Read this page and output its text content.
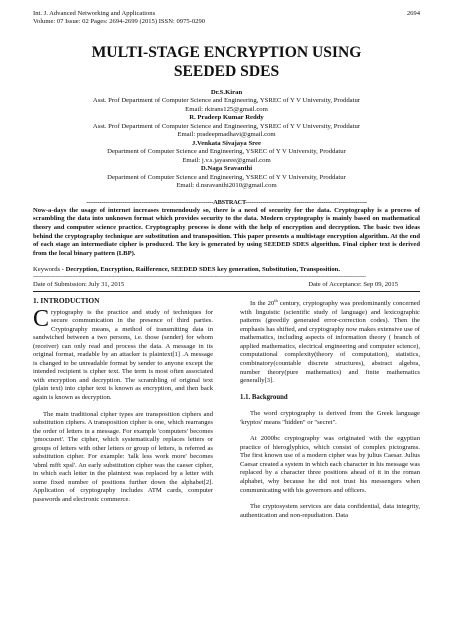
Int. J. Advanced Networking and Applications
Volume: 07 Issue: 02 Pages: 2694-2699 (2015) ISSN: 0975-0290
2694
MULTI-STAGE ENCRYPTION USING
SEEDED SDES
Dr.S.Kiran
Asst. Prof Department of Computer Science and Engineering, YSREC of Y V University, Proddatur
Email: rkirans125@gmail.com
R. Pradeep Kumar Reddy
Asst. Prof Department of Computer Science and Engineering, YSREC of Y V University, Proddatur
Email: pradeepmadhavi@gmail.com
J.Venkata Sivajaya Sree
Department of Computer Science and Engineering, YSREC of Y V University, Proddatur
Email: j.v.s.jayasree@gmail.com
D.Naga Sravanthi
Department of Computer Science and Engineering, YSREC of Y V University, Proddatur
Email: d.nsravanthi2010@gmail.com
-------------------------------------------------------------------ABSTRACT----------------------------------------------------------------
Now-a-days the usage of internet increases tremendously so, there is a need of security for the data. Cryptography is a process of scrambling the data into unknown format which provides security to the data. Modern cryptography is mainly based on mathematical theory and computer science practice. Cryptography process is done with the help of encryption and decryption. The basic two ideas behind the cryptography technique are substitution and transposition. This paper presents a multistage encryption algorithm. At the end of each stage an intermediate cipher is produced. The key is generated by using SEEDED SDES algorithm. Final cipher text is derived from the local binary pattern (LBP).
Keywords - Decryption, Encryption, Railference, SEEDED SDES key generation, Substitution, Transposition.
----------------------------------------------------------------------------------------------------------------------------------------------------------------------------------------------------
Date of Submission: July 31, 2015	Date of Acceptance: Sep 09, 2015
1. INTRODUCTION

Cryptography is the practice and study of techniques for secure communication in the presence of third parties. Cryptography means, a method of transmitting data in sandwiched between a two persons, i.e. those (sender) for whom (receiver) can only read and process the data. A message in its original format, readable by an attacker is plaintext[1] .A message is changed to be unreadable format by sender to anyone except the intended recipient is cipher text. The term is most often associated with encryption and decryption. The scrambling of original text (plain text) into cipher text is known as encryption, and then back again is known as decryption.

The main traditional cipher types are transposition ciphers and substitution ciphers. A transposition cipher is one, which rearranges the order of letters in a message. For example 'computers' becomes 'pmocusret'. The cipher, which systematically replaces letters or groups of letters with other letters or group of letters, is referred as substitution cipher. For example: 'talk less work more' becomes 'ubml mfft xpsl'. An early substitution cipher was the caeser cipher, in which each letter in the plaintext was replaced by a letter with some fixed number of positions further down the alphabet[2]. Application of cryptography includes ATM cards, computer passwords and electronic commerce.

In the 20th century, cryptography was predominantly concerned with linguistic (scientific study of language) and lexicographic patterns (greedily generated error-correction codes). Then the emphasis has shifted, and cryptography now makes extensive use of mathematics, including aspects of information theory ( branch of applied mathematics, electrical engineering and computer science), computational complexity(theory of computation), statistics, combinatory(countable discrete structures), abstract algebra, number theory(pure mathematics) and finite mathematics generally[3].

1.1. Background

The word cryptography is derived from the Greek language 'kryptos' means "hidden" or "secret".

At 2000bc cryptography was originated with the egyptian practice of hieroglyphics, which consist of complex pictograms. The first known use of a modern cipher was by julius Caesar. Julius Caesar created a system in which each character in his message was replaced by a character three positions ahead of it in the roman alphabet, why because he did not trust his messengers when communicating with his governors and officers.

The cryptosystem services are data confidential, data integrity, authentication and non-repudiation. Data
